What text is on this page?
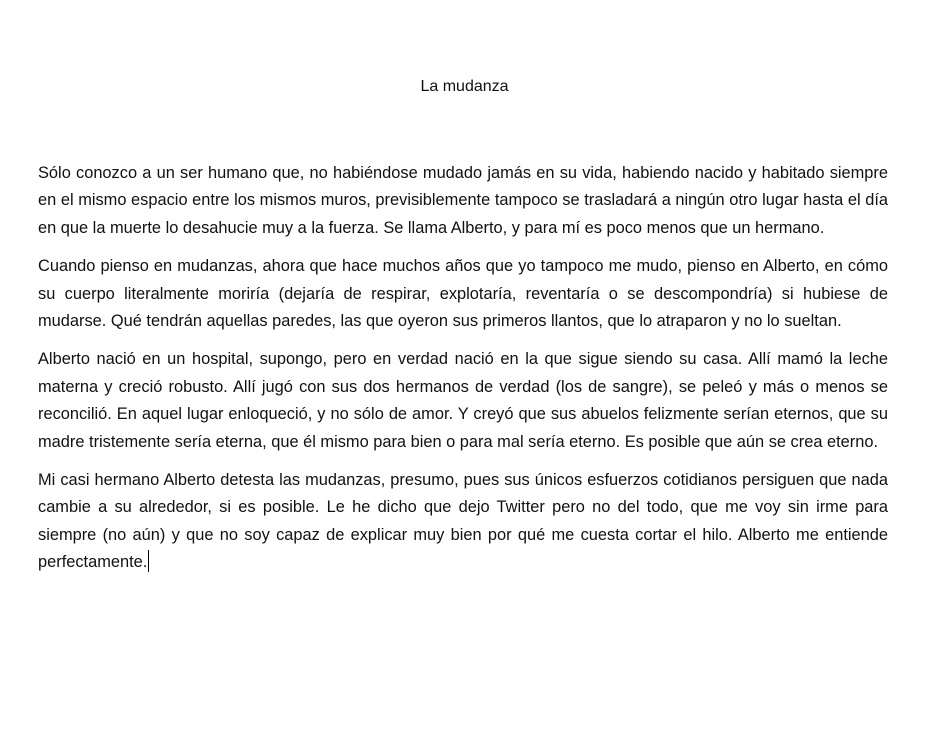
La mudanza

Sólo conozco a un ser humano que, no habiéndose mudado jamás en su vida, habiendo nacido y habitado siempre en el mismo espacio entre los mismos muros, previsiblemente tampoco se trasladará a ningún otro lugar hasta el día en que la muerte lo desahucie muy a la fuerza. Se llama Alberto, y para mí es poco menos que un hermano.

Cuando pienso en mudanzas, ahora que hace muchos años que yo tampoco me mudo, pienso en Alberto, en cómo su cuerpo literalmente moriría (dejaría de respirar, explotaría, reventaría o se descompondría) si hubiese de mudarse. Qué tendrán aquellas paredes, las que oyeron sus primeros llantos, que lo atraparon y no lo sueltan.

Alberto nació en un hospital, supongo, pero en verdad nació en la que sigue siendo su casa. Allí mamó la leche materna y creció robusto. Allí jugó con sus dos hermanos de verdad (los de sangre), se peleó y más o menos se reconcilió. En aquel lugar enloqueció, y no sólo de amor. Y creyó que sus abuelos felizmente serían eternos, que su madre tristemente sería eterna, que él mismo para bien o para mal sería eterno. Es posible que aún se crea eterno.

Mi casi hermano Alberto detesta las mudanzas, presumo, pues sus únicos esfuerzos cotidianos persiguen que nada cambie a su alrededor, si es posible. Le he dicho que dejo Twitter pero no del todo, que me voy sin irme para siempre (no aún) y que no soy capaz de explicar muy bien por qué me cuesta cortar el hilo. Alberto me entiende perfectamente.
